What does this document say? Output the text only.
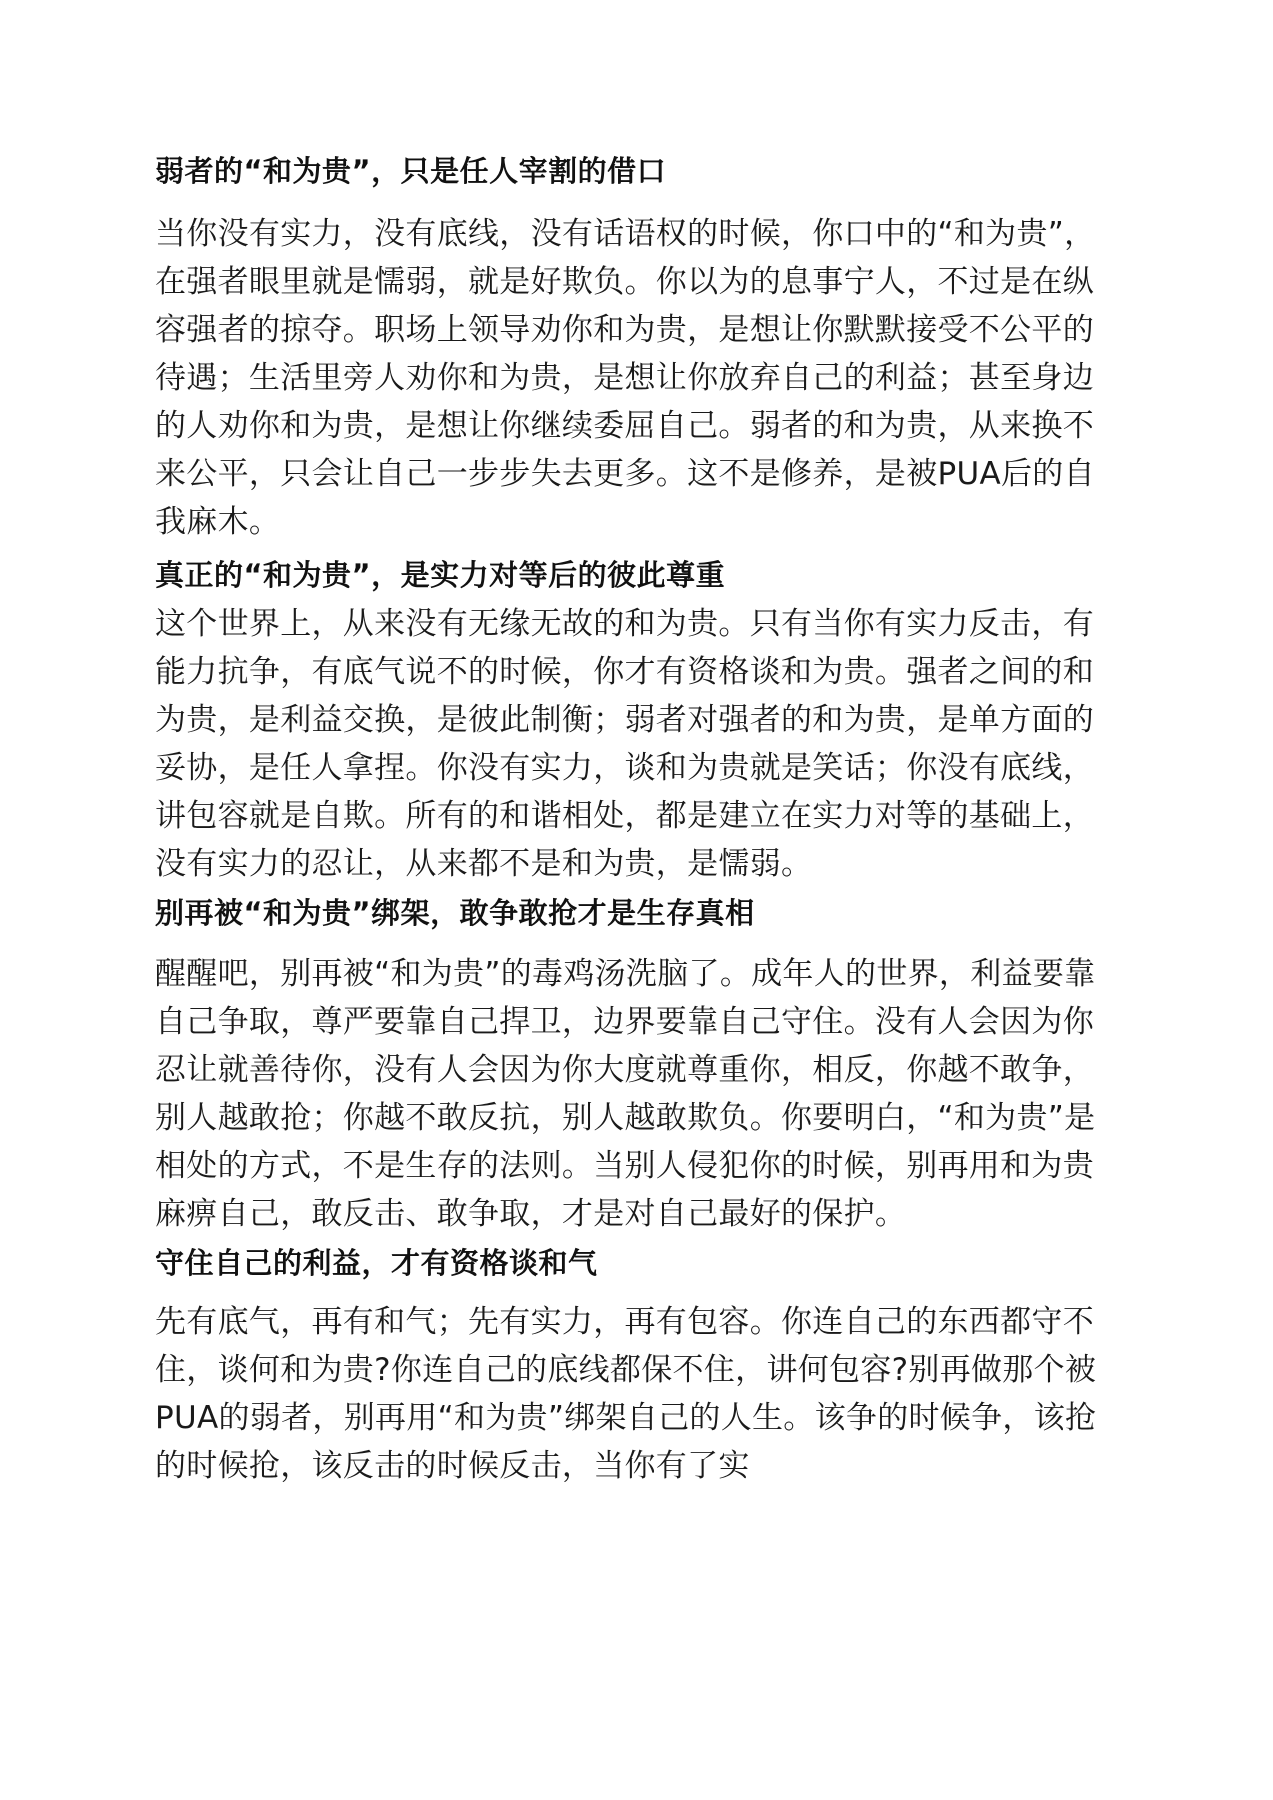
弱者的“和为贵”，只是任人宰割的借口

当你没有实力，没有底线，没有话语权的时候，你口中的“和为贵”，在强者眼里就是懦弱，就是好欺负。你以为的息事宁人，不过是在纵容强者的掠夺。职场上领导劝你和为贵，是想让你默默接受不公平的待遇；生活里旁人劝你和为贵，是想让你放弃自己的利益；甚至身边的人劝你和为贵，是想让你继续委屈自己。弱者的和为贵，从来换不来公平，只会让自己一步步失去更多。这不是修养，是被PUA后的自我麻木。

真正的“和为贵”，是实力对等后的彼此尊重

这个世界上，从来没有无缘无故的和为贵。只有当你有实力反击，有能力抗争，有底气说不的时候，你才有资格谈和为贵。强者之间的和为贵，是利益交换，是彼此制衡；弱者对强者的和为贵，是单方面的妥协，是任人拿捏。你没有实力，谈和为贵就是笑话；你没有底线，讲包容就是自欺。所有的和谐相处，都是建立在实力对等的基础上，没有实力的忍让，从来都不是和为贵，是懦弱。

别再被“和为贵”绑架，敢争敢抢才是生存真相

醒醒吧，别再被“和为贵”的毒鸡汤洗脑了。成年人的世界，利益要靠自己争取，尊严要靠自己捍卫，边界要靠自己守住。没有人会因为你忍让就善待你，没有人会因为你大度就尊重你，相反，你越不敢争，别人越敢抢；你越不敢反抗，别人越敢欺负。你要明白，“和为贵”是相处的方式，不是生存的法则。当别人侵犯你的时候，别再用和为贵麻痹自己，敢反击、敢争取，才是对自己最好的保护。

守住自己的利益，才有资格谈和气

先有底气，再有和气；先有实力，再有包容。你连自己的东西都守不住，谈何和为贵?你连自己的底线都保不住，讲何包容?别再做那个被PUA的弱者，别再用“和为贵”绑架自己的人生。该争的时候争，该抢的时候抢，该反击的时候反击，当你有了实
